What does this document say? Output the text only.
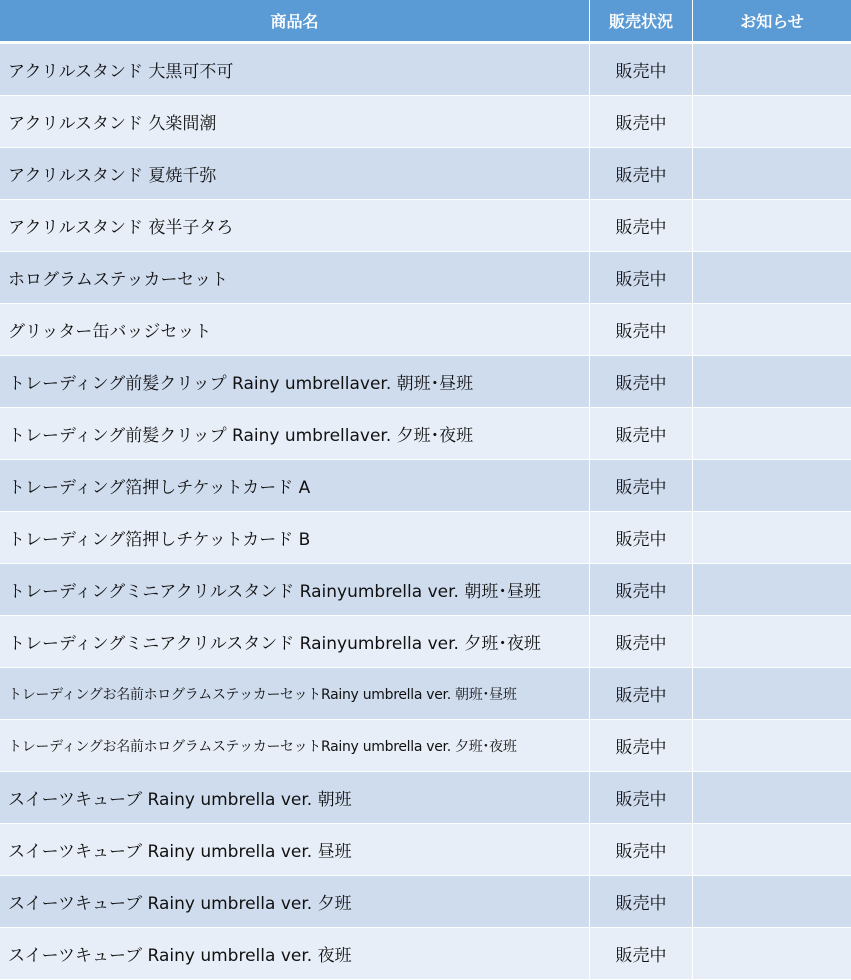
商品名	販売状況	お知らせ
アクリルスタンド 大黒可不可	販売中	
アクリルスタンド 久楽間潮	販売中	
アクリルスタンド 夏焼千弥	販売中	
アクリルスタンド 夜半子タろ	販売中	
ホログラムステッカーセット	販売中	
グリッター缶バッジセット	販売中	
トレーディング前髪クリップ Rainy umbrellaver. 朝班･昼班	販売中	
トレーディング前髪クリップ Rainy umbrellaver. 夕班･夜班	販売中	
トレーディング箔押しチケットカード A	販売中	
トレーディング箔押しチケットカード B	販売中	
トレーディングミニアクリルスタンド Rainyumbrella ver. 朝班･昼班	販売中	
トレーディングミニアクリルスタンド Rainyumbrella ver. 夕班･夜班	販売中	
トレーディングお名前ホログラムステッカーセットRainy umbrella ver. 朝班･昼班	販売中	
トレーディングお名前ホログラムステッカーセットRainy umbrella ver. 夕班･夜班	販売中	
スイーツキューブ Rainy umbrella ver. 朝班	販売中	
スイーツキューブ Rainy umbrella ver. 昼班	販売中	
スイーツキューブ Rainy umbrella ver. 夕班	販売中	
スイーツキューブ Rainy umbrella ver. 夜班	販売中	
